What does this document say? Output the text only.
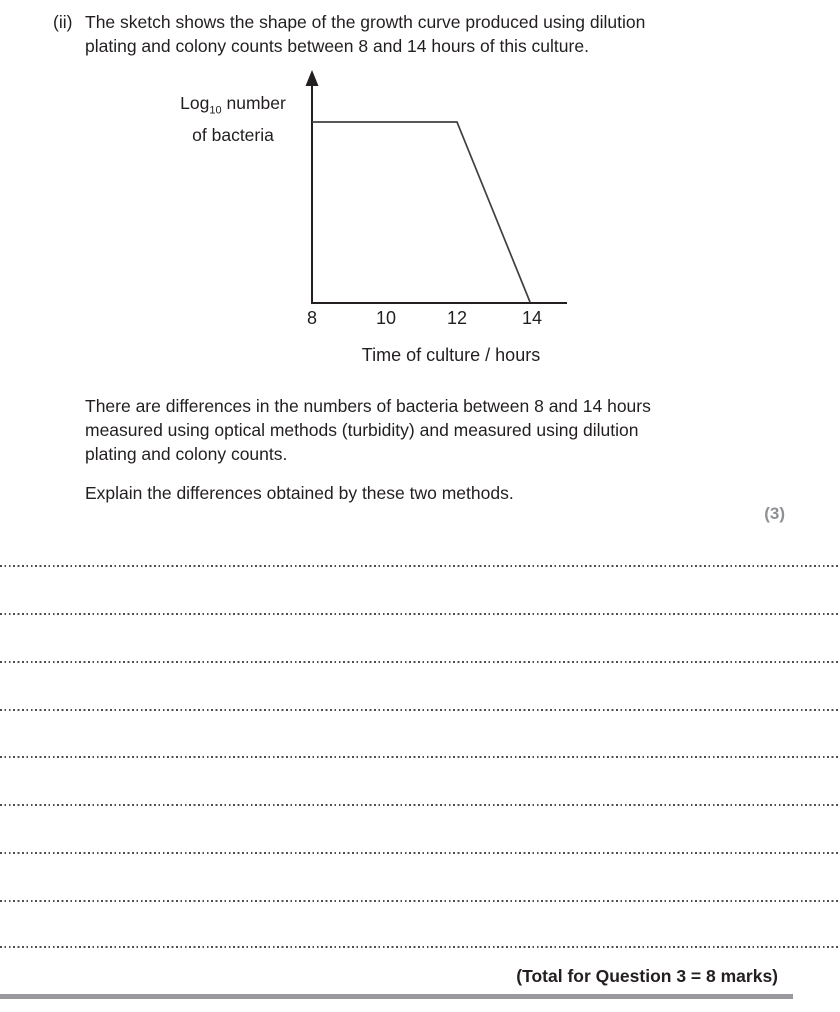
(ii) The sketch shows the shape of the growth curve produced using dilution
plating and colony counts between 8 and 14 hours of this culture.
Log$_{10}$ number
of bacteria
8	10	12	14
Time of culture / hours
There are differences in the numbers of bacteria between 8 and 14 hours
measured using optical methods (turbidity) and measured using dilution
plating and colony counts.
Explain the differences obtained by these two methods.
(3)
(Total for Question 3 = 8 marks)
